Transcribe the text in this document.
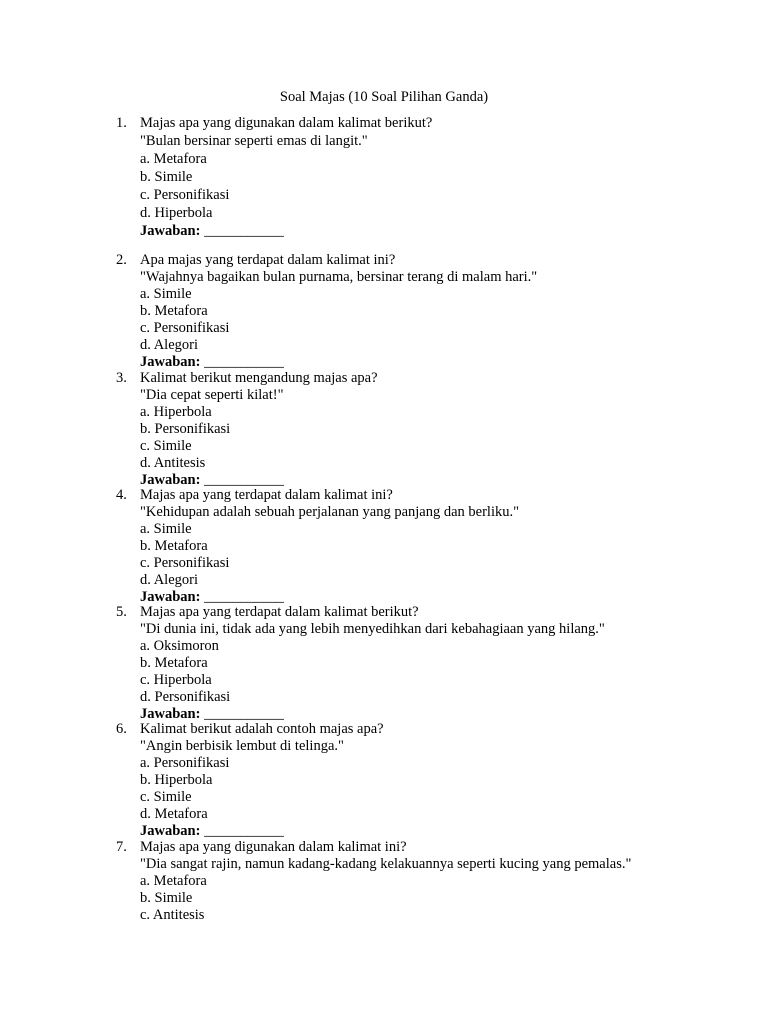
Soal Majas (10 Soal Pilihan Ganda)
1. Majas apa yang digunakan dalam kalimat berikut?
"Bulan bersinar seperti emas di langit."
a. Metafora
b. Simile
c. Personifikasi
d. Hiperbola
Jawaban: ___________
2. Apa majas yang terdapat dalam kalimat ini?
"Wajahnya bagaikan bulan purnama, bersinar terang di malam hari."
a. Simile
b. Metafora
c. Personifikasi
d. Alegori
Jawaban: ___________
3. Kalimat berikut mengandung majas apa?
"Dia cepat seperti kilat!"
a. Hiperbola
b. Personifikasi
c. Simile
d. Antitesis
Jawaban: ___________
4. Majas apa yang terdapat dalam kalimat ini?
"Kehidupan adalah sebuah perjalanan yang panjang dan berliku."
a. Simile
b. Metafora
c. Personifikasi
d. Alegori
Jawaban: ___________
5. Majas apa yang terdapat dalam kalimat berikut?
"Di dunia ini, tidak ada yang lebih menyedihkan dari kebahagiaan yang hilang."
a. Oksimoron
b. Metafora
c. Hiperbola
d. Personifikasi
Jawaban: ___________
6. Kalimat berikut adalah contoh majas apa?
"Angin berbisik lembut di telinga."
a. Personifikasi
b. Hiperbola
c. Simile
d. Metafora
Jawaban: ___________
7. Majas apa yang digunakan dalam kalimat ini?
"Dia sangat rajin, namun kadang-kadang kelakuannya seperti kucing yang pemalas."
a. Metafora
b. Simile
c. Antitesis
